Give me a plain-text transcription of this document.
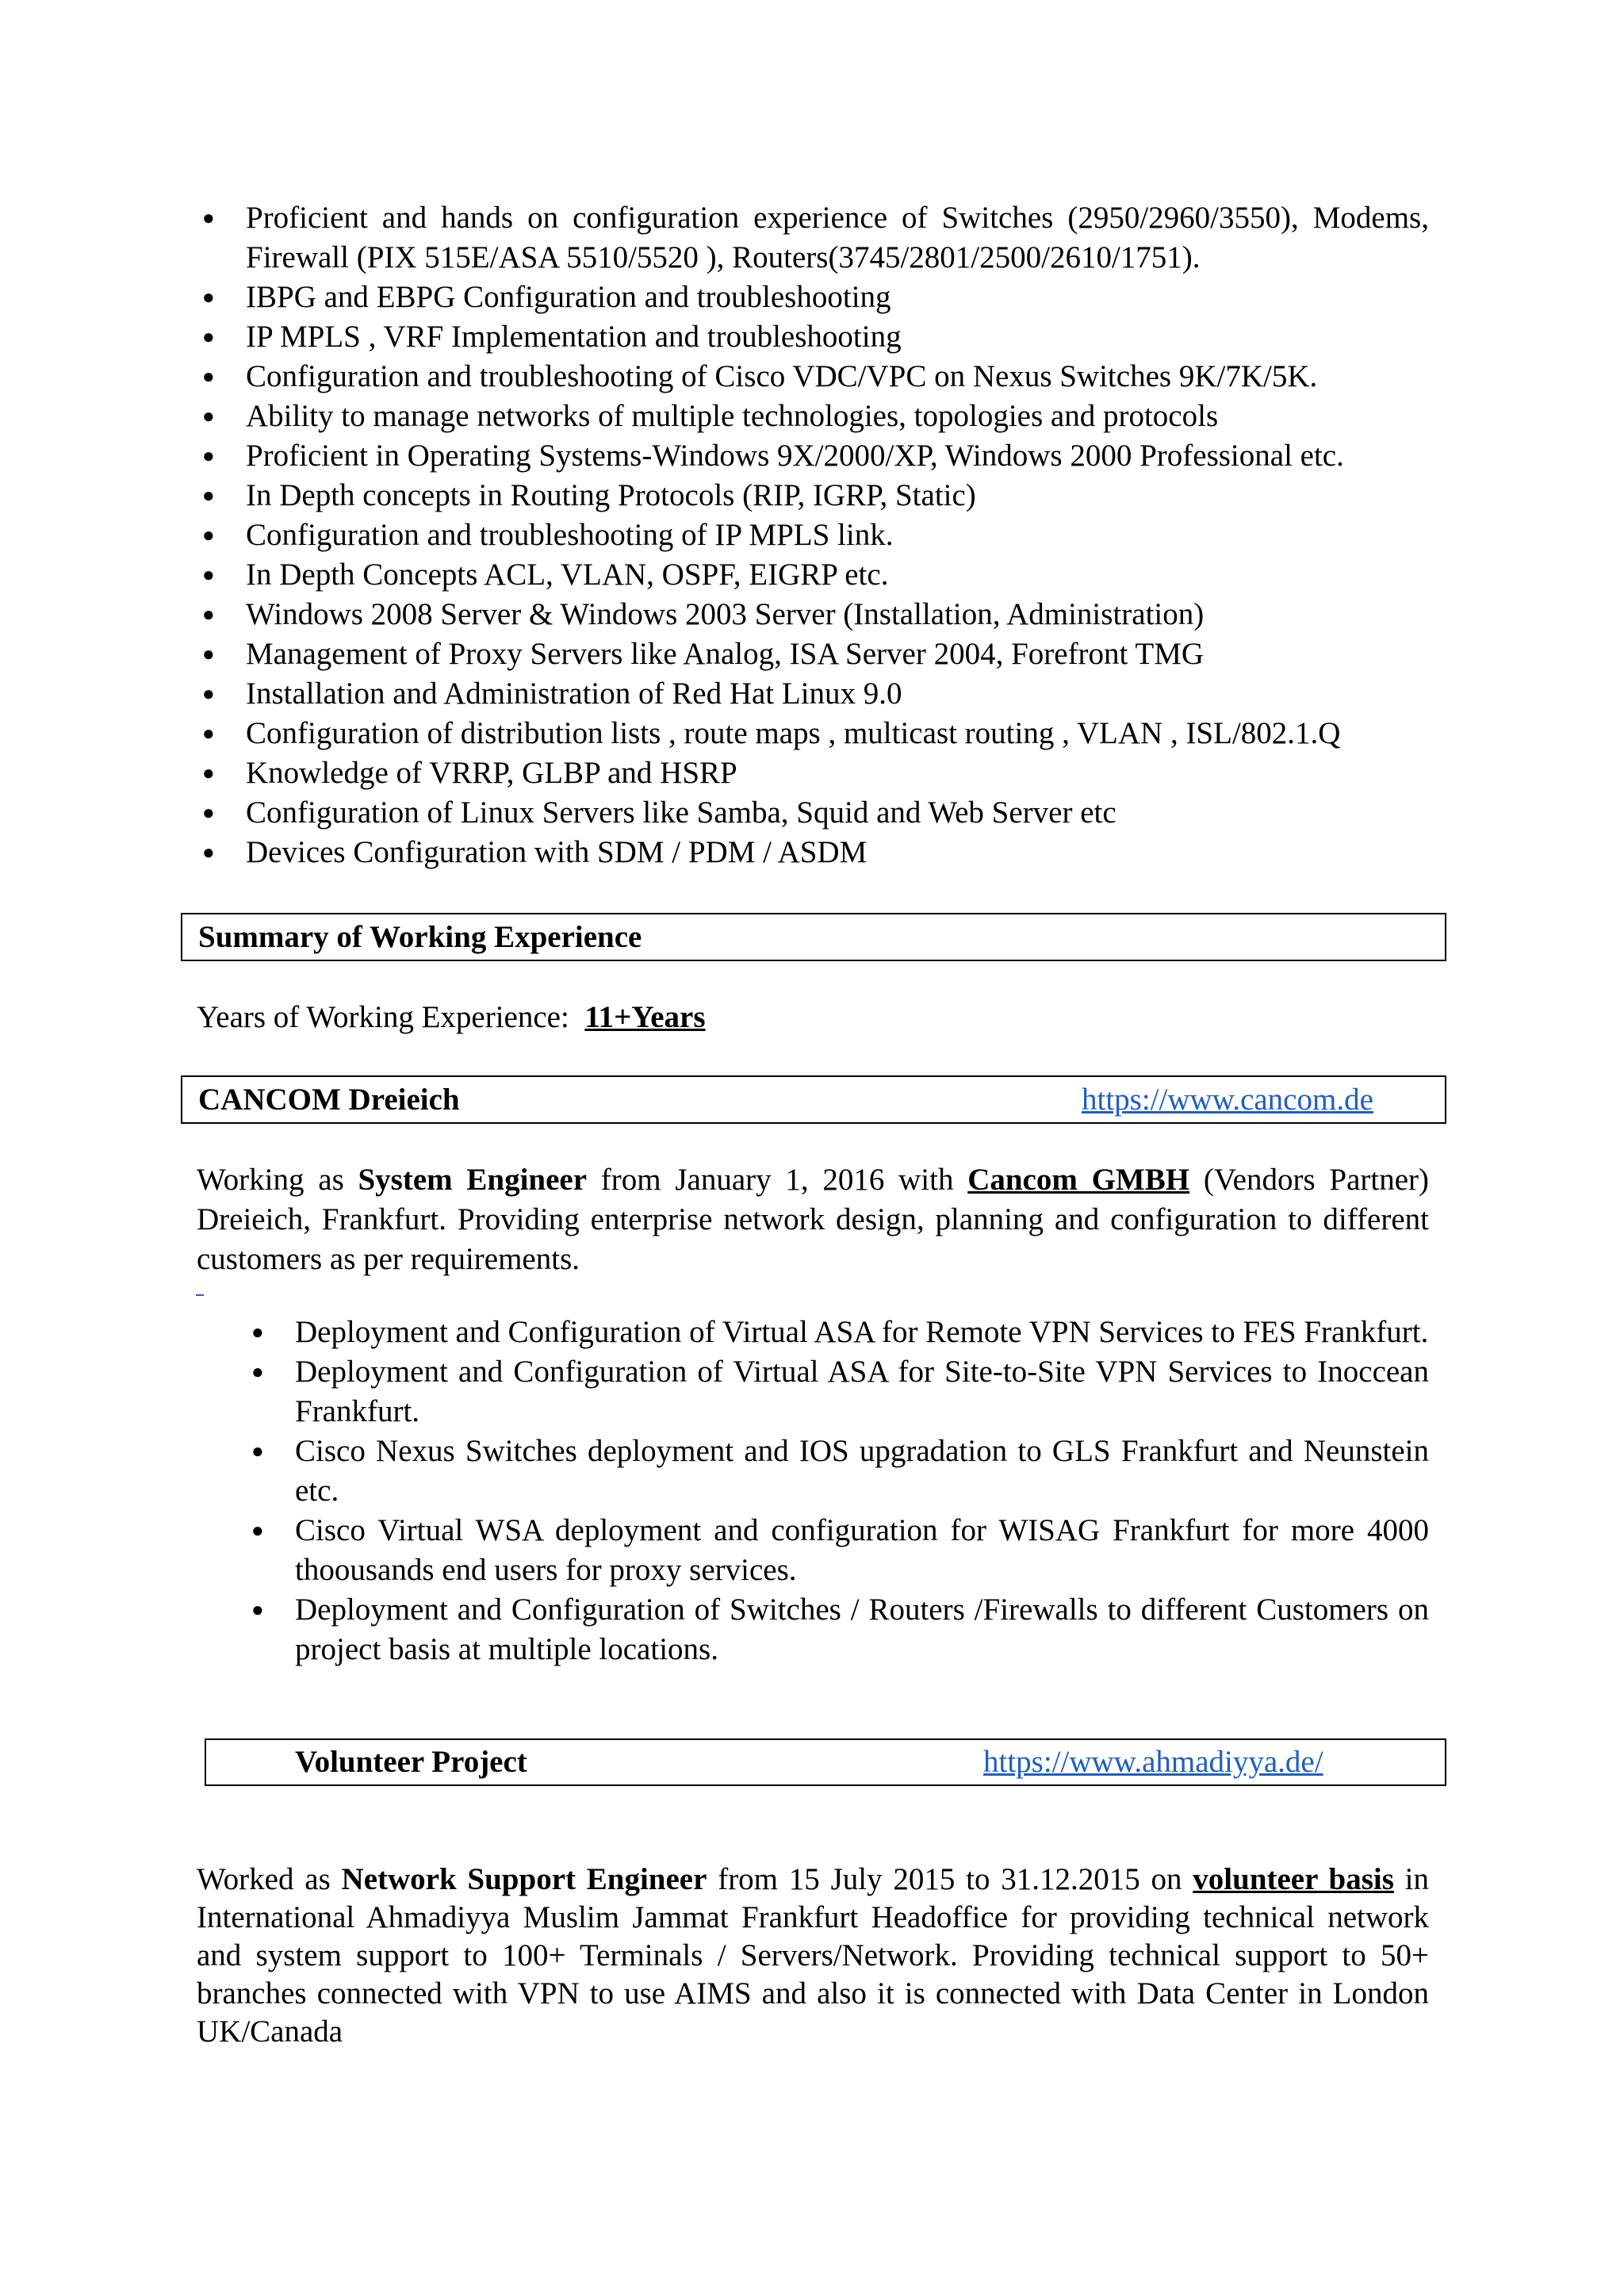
● Proficient and hands on configuration experience of Switches (2950/2960/3550), Modems, Firewall (PIX 515E/ASA 5510/5520 ), Routers(3745/2801/2500/2610/1751).
● IBPG and EBPG Configuration and troubleshooting
● IP MPLS , VRF Implementation and troubleshooting
● Configuration and troubleshooting of Cisco VDC/VPC on Nexus Switches 9K/7K/5K.
● Ability to manage networks of multiple technologies, topologies and protocols
● Proficient in Operating Systems-Windows 9X/2000/XP, Windows 2000 Professional etc.
● In Depth concepts in Routing Protocols (RIP, IGRP, Static)
● Configuration and troubleshooting of IP MPLS link.
● In Depth Concepts ACL, VLAN, OSPF, EIGRP etc.
● Windows 2008 Server & Windows 2003 Server (Installation, Administration)
● Management of Proxy Servers like Analog, ISA Server 2004, Forefront TMG
● Installation and Administration of Red Hat Linux 9.0
● Configuration of distribution lists , route maps , multicast routing , VLAN , ISL/802.1.Q
● Knowledge of VRRP, GLBP and HSRP
● Configuration of Linux Servers like Samba, Squid and Web Server etc
● Devices Configuration with SDM / PDM / ASDM
Summary of Working Experience
Years of Working Experience: 11+Years
CANCOM Dreieich	https://www.cancom.de
Working as System Engineer from January 1, 2016 with Cancom GMBH (Vendors Partner) Dreieich, Frankfurt. Providing enterprise network design, planning and configuration to different customers as per requirements.
● Deployment and Configuration of Virtual ASA for Remote VPN Services to FES Frankfurt.
● Deployment and Configuration of Virtual ASA for Site-to-Site VPN Services to Inoccean Frankfurt.
● Cisco Nexus Switches deployment and IOS upgradation to GLS Frankfurt and Neunstein etc.
● Cisco Virtual WSA deployment and configuration for WISAG Frankfurt for more 4000 thoousands end users for proxy services.
● Deployment and Configuration of Switches / Routers /Firewalls to different Customers on project basis at multiple locations.
Volunteer Project	https://www.ahmadiyya.de/
Worked as Network Support Engineer from 15 July 2015 to 31.12.2015 on volunteer basis in International Ahmadiyya Muslim Jammat Frankfurt Headoffice for providing technical network and system support to 100+ Terminals / Servers/Network. Providing technical support to 50+ branches connected with VPN to use AIMS and also it is connected with Data Center in London UK/Canada
